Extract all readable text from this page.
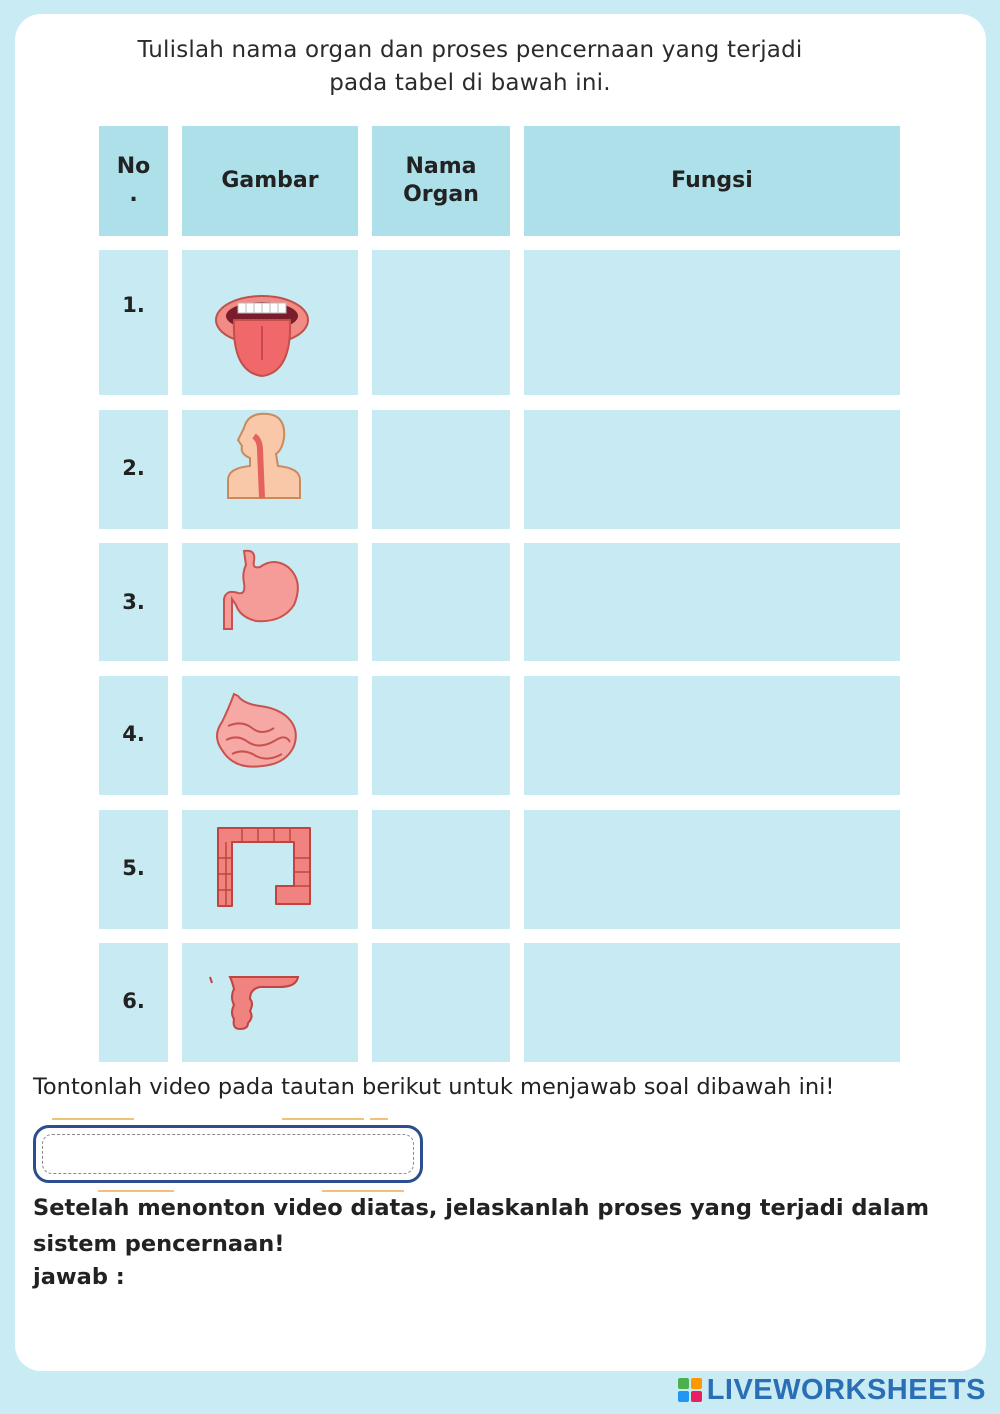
Tulislah nama organ dan proses pencernaan yang terjadi
pada tabel di bawah ini.
No
.
Gambar
Nama
Organ
Fungsi
1.
2.
3.
4.
5.
6.
Tontonlah video pada tautan berikut untuk menjawab soal dibawah ini!
Setelah menonton video diatas, jelaskanlah proses yang terjadi dalam sistem pencernaan!
jawab :
LIVEWORKSHEETS
